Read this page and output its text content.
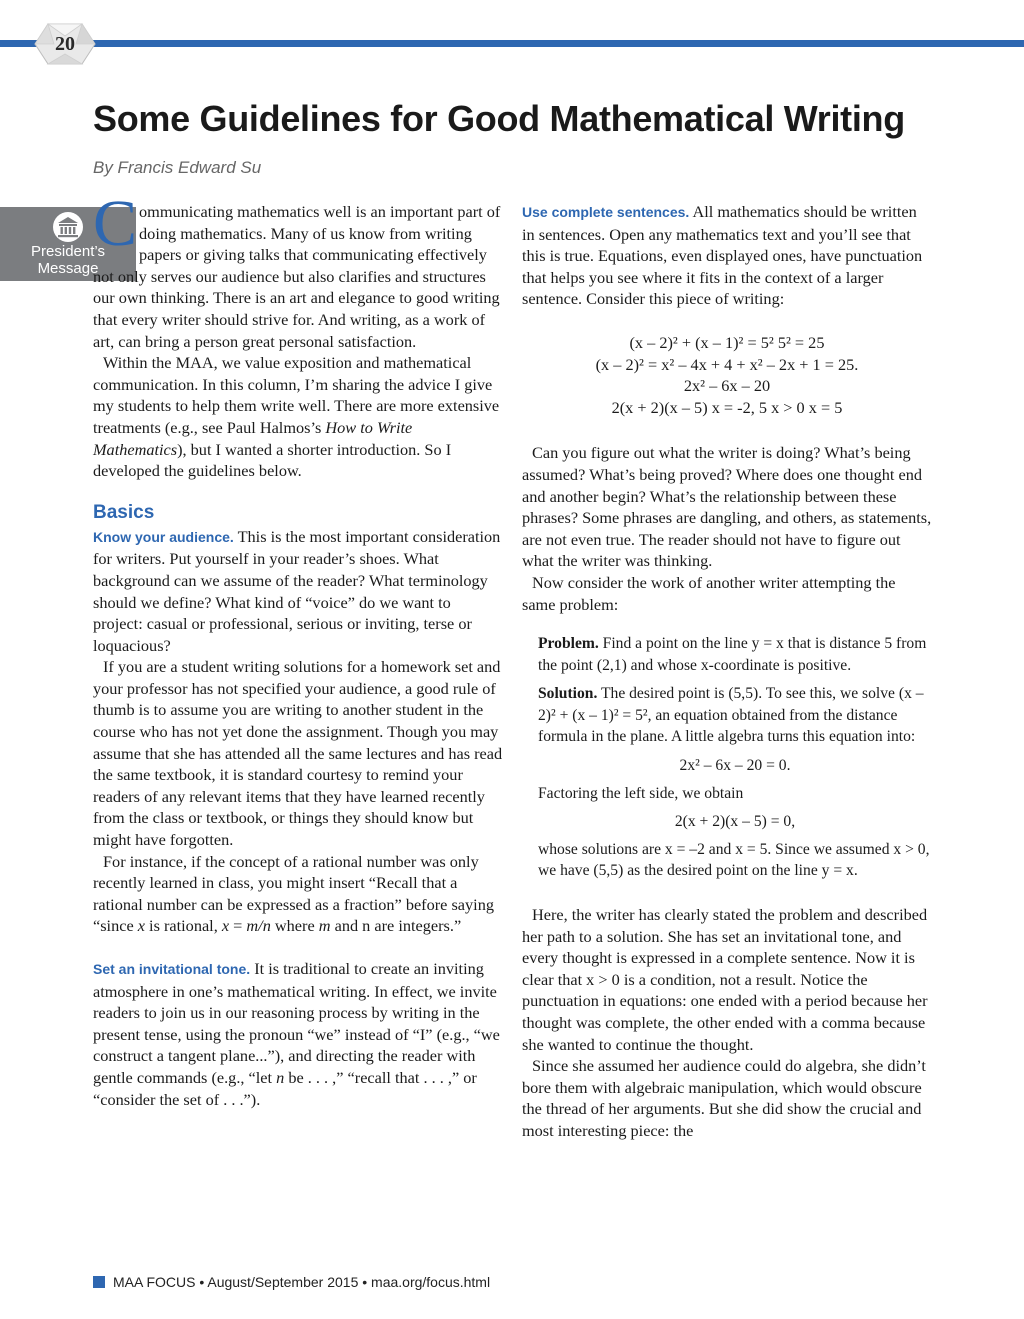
20
Some Guidelines for Good Mathematical Writing
By Francis Edward Su
President’s
Message

C ommunicating mathematics well is an important part of doing mathematics. Many of us know from writing papers or giving talks that communicating effectively not only serves our audience but also clarifies and structures our own thinking. There is an art and elegance to good writing that every writer should strive for. And writing, as a work of art, can bring a person great personal satisfaction.

Within the MAA, we value exposition and mathematical communication. In this column, I’m sharing the advice I give my students to help them write well. There are more extensive treatments (e.g., see Paul Halmos’s How to Write Mathematics), but I wanted a shorter introduction. So I developed the guidelines below.

Basics

Know your audience. This is the most important consideration for writers. Put yourself in your reader’s shoes. What background can we assume of the reader? What terminology should we define? What kind of “voice” do we want to project: casual or professional, serious or inviting, terse or loquacious?

If you are a student writing solutions for a homework set and your professor has not specified your audience, a good rule of thumb is to assume you are writing to another student in the course who has not yet done the assignment. Though you may assume that she has attended all the same lectures and has read the same textbook, it is standard courtesy to remind your readers of any relevant items that they have learned recently from the class or textbook, or things they should know but might have forgotten.

For instance, if the concept of a rational number was only recently learned in class, you might insert “Recall that a rational number can be expressed as a fraction” before saying “since x is rational, x = m/n where m and n are integers.”

Set an invitational tone. It is traditional to create an inviting atmosphere in one’s mathematical writing. In effect, we invite readers to join us in our reasoning process by writing in the present tense, using the pronoun “we” instead of “I” (e.g., “we construct a tangent plane...”), and directing the reader with gentle commands (e.g., “let n be . . . ,” “recall that . . . ,” or “consider the set of . . .”).

Use complete sentences. All mathematics should be written in sentences. Open any mathematics text and you’ll see that this is true. Equations, even displayed ones, have punctuation that helps you see where it fits in the context of a larger sentence. Consider this piece of writing:

(x – 2)² + (x – 1)² = 5² 5² = 25
(x – 2)² = x² – 4x + 4 + x² – 2x + 1 = 25.
2x² – 6x – 20
2(x + 2)(x – 5) x = -2, 5 x > 0 x = 5

Can you figure out what the writer is doing? What’s being assumed? What’s being proved? Where does one thought end and another begin? What’s the relationship between these phrases? Some phrases are dangling, and others, as statements, are not even true. The reader should not have to figure out what the writer was thinking.

Now consider the work of another writer attempting the same problem:

Problem. Find a point on the line y = x that is distance 5 from the point (2,1) and whose x-coordinate is positive.

Solution. The desired point is (5,5). To see this, we solve (x – 2)² + (x – 1)² = 5², an equation obtained from the distance formula in the plane. A little algebra turns this equation into:

2x² – 6x – 20 = 0.

Factoring the left side, we obtain

2(x + 2)(x – 5) = 0,

whose solutions are x = –2 and x = 5. Since we assumed x > 0, we have (5,5) as the desired point on the line y = x.

Here, the writer has clearly stated the problem and described her path to a solution. She has set an invitational tone, and every thought is expressed in a complete sentence. Now it is clear that x > 0 is a condition, not a result. Notice the punctuation in equations: one ended with a period because her thought was complete, the other ended with a comma because she wanted to continue the thought.

Since she assumed her audience could do algebra, she didn’t bore them with algebraic manipulation, which would obscure the thread of her arguments. But she did show the crucial and most interesting piece: the

MAA FOCUS • August/September 2015 • maa.org/focus.html
